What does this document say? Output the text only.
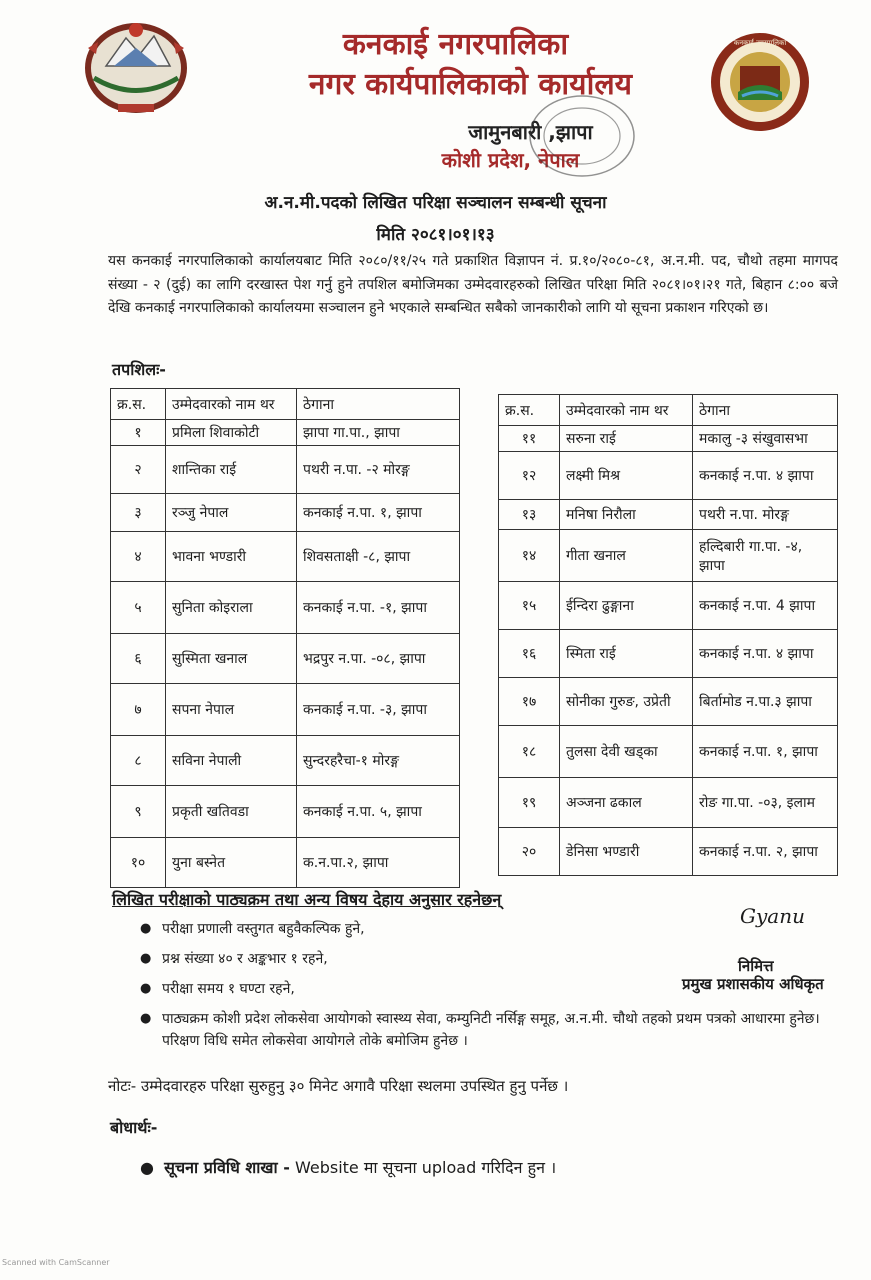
कनकाई नगरपालिका
कनकाई नगरपालिका
नगर कार्यपालिकाको कार्यालय
जामुनबारी ,झापा
कोशी प्रदेश, नेपाल
अ.न.मी.पदको लिखित परिक्षा सञ्चालन सम्बन्धी सूचना
मिति २०८१।०१।१३
यस कनकाई नगरपालिकाको कार्यालयबाट मिति २०८०/११/२५ गते प्रकाशित विज्ञापन नं. प्र.१०/२०८०-८१, अ.न.मी. पद, चौथो तहमा मागपद संख्या - २ (दुई) का लागि दरखास्त पेश गर्नु हुने तपशिल बमोजिमका उम्मेदवारहरुको लिखित परिक्षा मिति २०८१।०१।२१ गते, बिहान ८:०० बजे देखि कनकाई नगरपालिकाको कार्यालयमा सञ्चालन हुने भएकाले सम्बन्धित सबैको जानकारीको लागि यो सूचना प्रकाशन गरिएको छ।
तपशिलः-
क्र.स.	उम्मेदवारको नाम थर	ठेगाना
१	प्रमिला शिवाकोटी	झापा गा.पा., झापा
२	शान्तिका राई	पथरी न.पा. -२ मोरङ्ग
३	रञ्जु नेपाल	कनकाई न.पा. १, झापा
४	भावना भण्डारी	शिवसताक्षी -८, झापा
५	सुनिता कोइराला	कनकाई न.पा. -१, झापा
६	सुस्मिता खनाल	भद्रपुर न.पा. -०८, झापा
७	सपना नेपाल	कनकाई न.पा. -३, झापा
८	सविना नेपाली	सुन्दरहरैचा-१ मोरङ्ग
९	प्रकृती खतिवडा	कनकाई न.पा. ५, झापा
१०	युना बस्नेत	क.न.पा.२, झापा
क्र.स.	उम्मेदवारको नाम थर	ठेगाना
११	सरुना राई	मकालु -३ संखुवासभा
१२	लक्ष्मी मिश्र	कनकाई न.पा. ४ झापा
१३	मनिषा निरौला	पथरी न.पा. मोरङ्ग
१४	गीता खनाल	हल्दिबारी गा.पा. -४, झापा
१५	ईन्दिरा ढुङ्गाना	कनकाई न.पा. 4 झापा
१६	स्मिता राई	कनकाई न.पा. ४ झापा
१७	सोनीका गुरुङ, उप्रेती	बिर्तामोड न.पा.३ झापा
१८	तुलसा देवी खड्का	कनकाई न.पा. १, झापा
१९	अञ्जना ढकाल	रोङ गा.पा. -०३, इलाम
२०	डेनिसा भण्डारी	कनकाई न.पा. २, झापा
लिखित परीक्षाको पाठ्यक्रम तथा अन्य विषय देहाय अनुसार रहनेछन्
● परीक्षा प्रणाली वस्तुगत बहुवैकल्पिक हुने,
● प्रश्न संख्या ४० र अङ्कभार १ रहने,
● परीक्षा समय १ घण्टा रहने,
● पाठ्यक्रम कोशी प्रदेश लोकसेवा आयोगको स्वास्थ्य सेवा, कम्युनिटी नर्सिङ्ग समूह, अ.न.मी. चौथो तहको प्रथम पत्रको आधारमा हुनेछ। परिक्षण विधि समेत लोकसेवा आयोगले तोके बमोजिम हुनेछ ।
Gyanu
निमित्त
प्रमुख प्रशासकीय अधिकृत
नोटः- उम्मेदवारहरु परिक्षा सुरुहुनु ३० मिनेट अगावै परिक्षा स्थलमा उपस्थित हुनु पर्नेछ ।
बोधार्थः-
● सूचना प्रविधि शाखा - Website मा सूचना upload गरिदिन हुन ।
Scanned with CamScanner
